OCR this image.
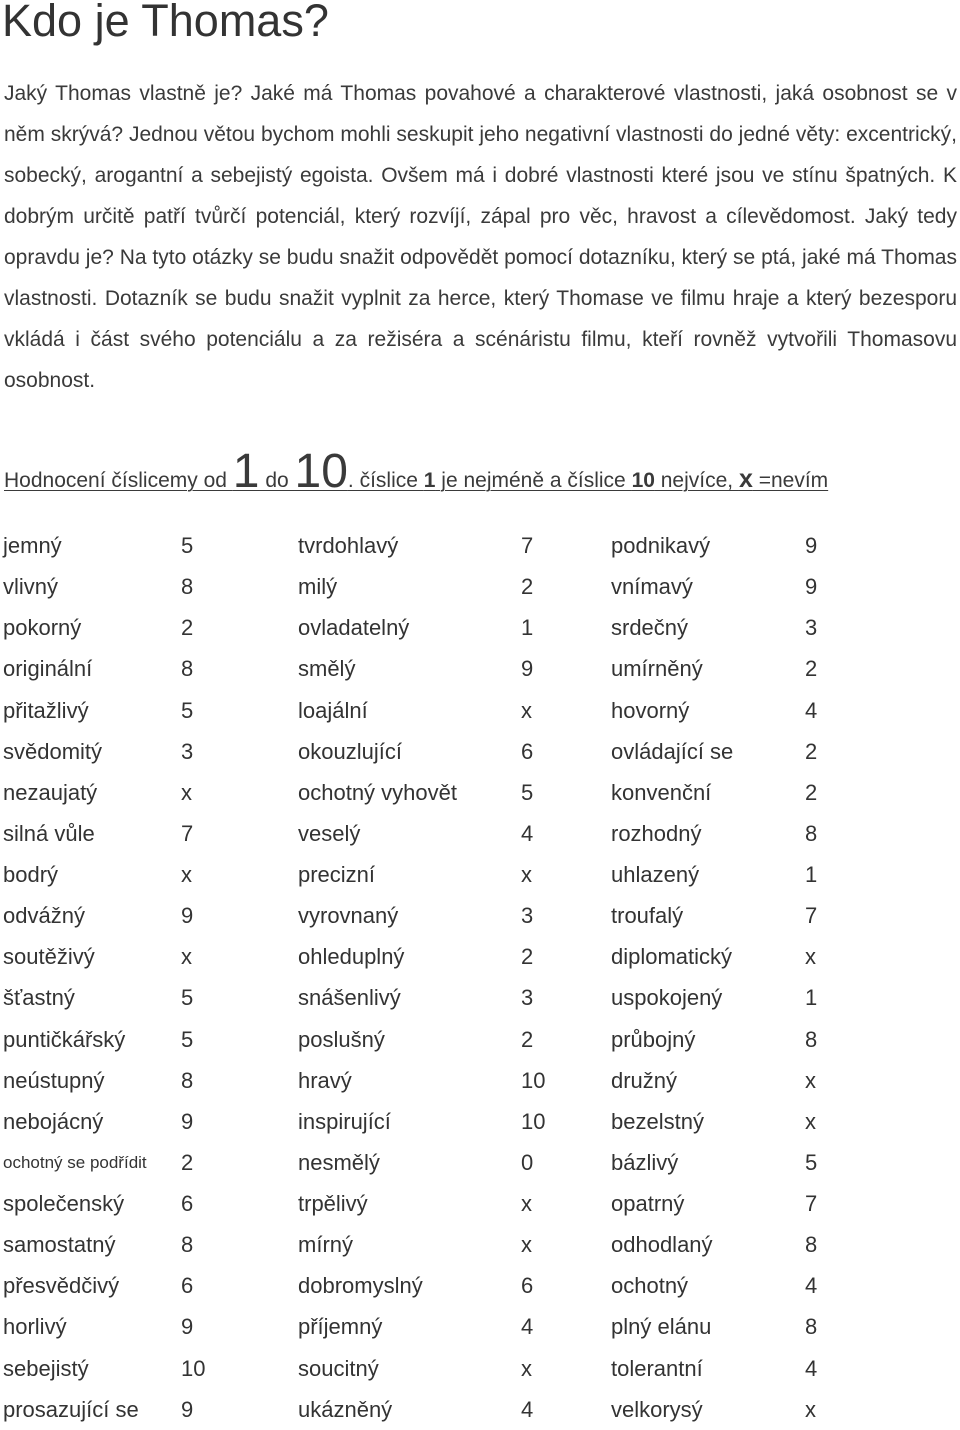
Kdo je Thomas?

Jaký Thomas vlastně je? Jaké má Thomas povahové a charakterové vlastnosti, jaká osobnost se v něm skrývá? Jednou větou bychom mohli seskupit jeho negativní vlastnosti do jedné věty: excentrický, sobecký, arogantní a sebejistý egoista. Ovšem má i dobré vlastnosti které jsou ve stínu špatných. K dobrým určitě patří tvůrčí potenciál, který rozvíjí, zápal pro věc, hravost a cílevědomost. Jaký tedy opravdu je? Na tyto otázky se budu snažit odpovědět pomocí dotazníku, který se ptá, jaké má Thomas vlastnosti. Dotazník se budu snažit vyplnit za herce, který Thomase ve filmu hraje a který bezesporu vkládá i část svého potenciálu a za režiséra a scénáristu filmu, kteří rovněž vytvořili Thomasovu osobnost.

Hodnocení číslicemy od 1 do 10. číslice 1 je nejméně a číslice 10 nejvíce, x =nevím
jemný	5	tvrdohlavý	7	podnikavý	9
vlivný	8	milý	2	vnímavý	9
pokorný	2	ovladatelný	1	srdečný	3
originální	8	smělý	9	umírněný	2
přitažlivý	5	loajální	x	hovorný	4
svědomitý	3	okouzlující	6	ovládající se	2
nezaujatý	x	ochotný vyhovět	5	konvenční	2
silná vůle	7	veselý	4	rozhodný	8
bodrý	x	precizní	x	uhlazený	1
odvážný	9	vyrovnaný	3	troufalý	7
soutěživý	x	ohleduplný	2	diplomatický	x
šťastný	5	snášenlivý	3	uspokojený	1
puntičkářský	5	poslušný	2	průbojný	8
neústupný	8	hravý	10	družný	x
nebojácný	9	inspirující	10	bezelstný	x
ochotný se podřídit 2	nesmělý	0	bázlivý	5
společenský	6	trpělivý	x	opatrný	7
samostatný	8	mírný	x	odhodlaný	8
přesvědčivý	6	dobromyslný	6	ochotný	4
horlivý	9	příjemný	4	plný elánu	8
sebejistý	10	soucitný	x	tolerantní	4
prosazující se 9	ukázněný	4	velkorysý	x
